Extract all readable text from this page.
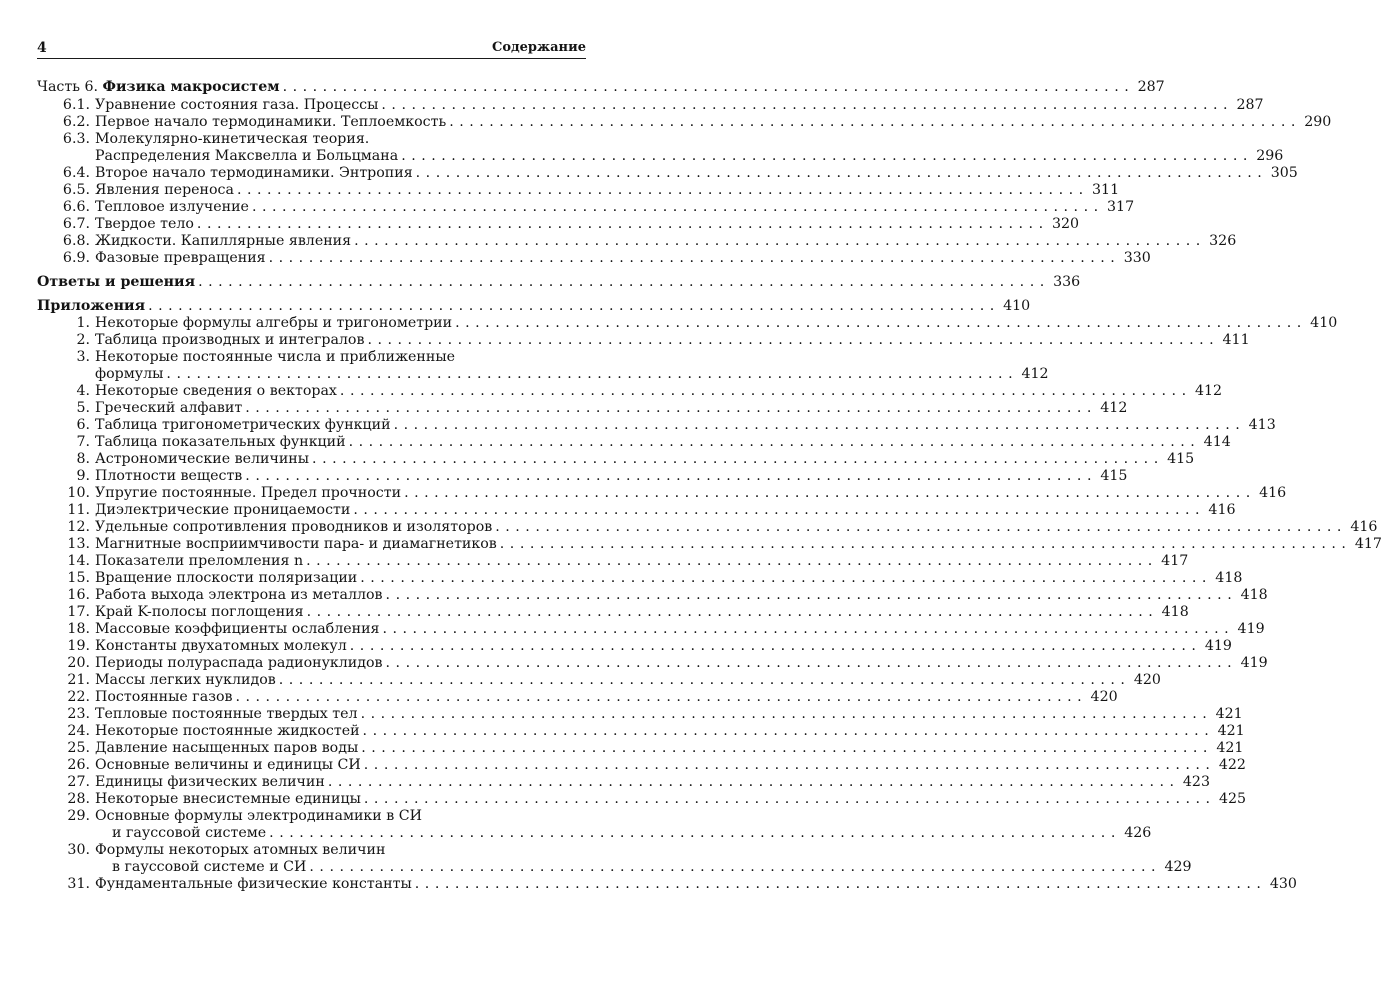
4	Содержание
Часть 6. Физика макросистем . . .	287
6.1. Уравнение состояния газа. Процессы . . .	287
6.2. Первое начало термодинамики. Теплоемкость . . .	290
6.3. Молекулярно-кинетическая теория.
Распределения Максвелла и Больцмана . . .	296
6.4. Второе начало термодинамики. Энтропия . . .	305
6.5. Явления переноса . . .	311
6.6. Тепловое излучение . . .	317
6.7. Твердое тело . . .	320
6.8. Жидкости. Капиллярные явления . . .	326
6.9. Фазовые превращения . . .	330
Ответы и решения . . .	336
Приложения . . .	410
1. Некоторые формулы алгебры и тригонометрии . . .	410
2. Таблица производных и интегралов . . .	411
3. Некоторые постоянные числа и приближенные
формулы . . .	412
4. Некоторые сведения о векторах . . .	412
5. Греческий алфавит . . .	412
6. Таблица тригонометрических функций . . .	413
7. Таблица показательных функций . . .	414
8. Астрономические величины . . .	415
9. Плотности веществ . . .	415
10. Упругие постоянные. Предел прочности . . .	416
11. Диэлектрические проницаемости . . .	416
12. Удельные сопротивления проводников и изоляторов . . .	416
13. Магнитные восприимчивости пара- и диамагнетиков . . .	417
14. Показатели преломления n . . .	417
15. Вращение плоскости поляризации . . .	418
16. Работа выхода электрона из металлов . . .	418
17. Край K-полосы поглощения . . .	418
18. Массовые коэффициенты ослабления . . .	419
19. Константы двухатомных молекул . . .	419
20. Периоды полураспада радионуклидов . . .	419
21. Массы легких нуклидов . . .	420
22. Постоянные газов . . .	420
23. Тепловые постоянные твердых тел . . .	421
24. Некоторые постоянные жидкостей . . .	421
25. Давление насыщенных паров воды . . .	421
26. Основные величины и единицы СИ . . .	422
27. Единицы физических величин . . .	423
28. Некоторые внесистемные единицы . . .	425
29. Основные формулы электродинамики в СИ
и гауссовой системе . . .	426
30. Формулы некоторых атомных величин
в гауссовой системе и СИ . . .	429
31. Фундаментальные физические константы . . .	430
